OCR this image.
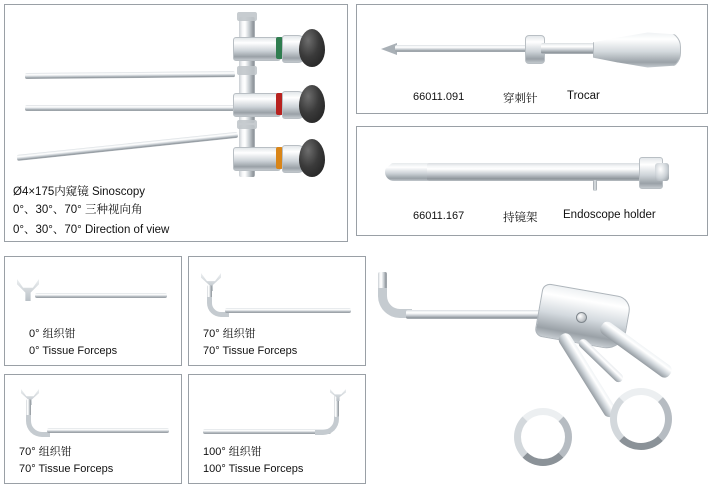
Ø4×175内窥镜 Sinoscopy
0°、30°、70° 三种视向角
0°、30°、70° Direction of view
66011.091	穿刺针	Trocar
66011.167	持镜架 Endoscope holder
0° 组织钳
0° Tissue Forceps
70° 组织钳
70° Tissue Forceps
70° 组织钳
70° Tissue Forceps
100° 组织钳
100° Tissue Forceps
